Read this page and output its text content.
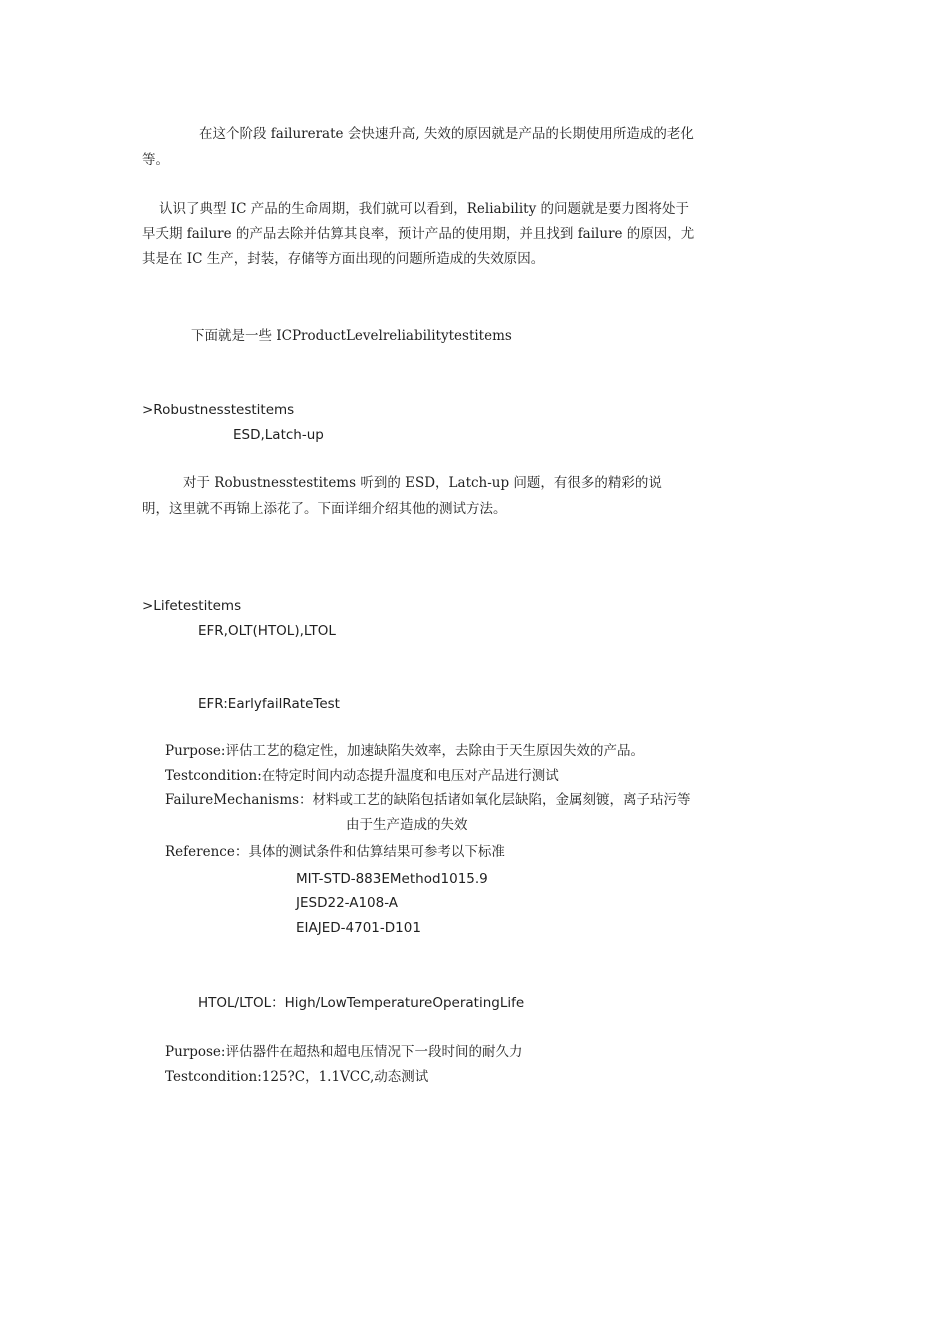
在这个阶段 failurerate 会快速升高, 失效的原因就是产品的长期使用所造成的老化
等。
认识了典型 IC 产品的生命周期，我们就可以看到，Reliability 的问题就是要力图将处于
早夭期 failure 的产品去除并估算其良率，预计产品的使用期，并且找到 failure 的原因，尤
其是在 IC 生产，封装，存储等方面出现的问题所造成的失效原因。
下面就是一些 ICProductLevelreliabilitytestitems
>Robustnesstestitems
ESD,Latch-up
对于 Robustnesstestitems 听到的 ESD，Latch-up 问题，有很多的精彩的说
明，这里就不再锦上添花了。下面详细介绍其他的测试方法。
>Lifetestitems
EFR,OLT(HTOL),LTOL
EFR:EarlyfailRateTest
Purpose:评估工艺的稳定性，加速缺陷失效率，去除由于天生原因失效的产品。
Testcondition:在特定时间内动态提升温度和电压对产品进行测试
FailureMechanisms：材料或工艺的缺陷包括诸如氧化层缺陷，金属刻镀，离子玷污等
由于生产造成的失效
Reference：具体的测试条件和估算结果可参考以下标准
MIT-STD-883EMethod1015.9
JESD22-A108-A
EIAJED-4701-D101
HTOL/LTOL：High/LowTemperatureOperatingLife
Purpose:评估器件在超热和超电压情况下一段时间的耐久力
Testcondition:125?C，1.1VCC,动态测试
